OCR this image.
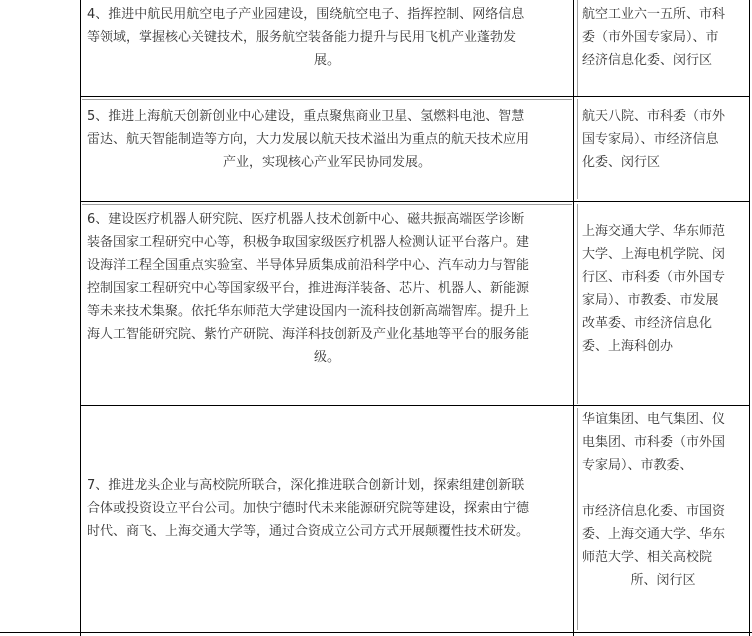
4、推进中航民用航空电子产业园建设，围绕航空电子、指挥控制、网络信息

等领域，掌握核心关键技术，服务航空装备能力提升与民用飞机产业蓬勃发

展。

航空工业六一五所、市科

委（市外国专家局）、市

经济信息化委、闵行区

5、推进上海航天创新创业中心建设，重点聚焦商业卫星、氢燃料电池、智慧

雷达、航天智能制造等方向，大力发展以航天技术溢出为重点的航天技术应用

产业，实现核心产业军民协同发展。

航天八院、市科委（市外

国专家局）、市经济信息

化委、闵行区

6、建设医疗机器人研究院、医疗机器人技术创新中心、磁共振高端医学诊断

装备国家工程研究中心等，积极争取国家级医疗机器人检测认证平台落户。建

设海洋工程全国重点实验室、半导体异质集成前沿科学中心、汽车动力与智能

控制国家工程研究中心等国家级平台，推进海洋装备、芯片、机器人、新能源

等未来技术集聚。依托华东师范大学建设国内一流科技创新高端智库。提升上

海人工智能研究院、紫竹产研院、海洋科技创新及产业化基地等平台的服务能

级。

上海交通大学、华东师范

大学、上海电机学院、闵

行区、市科委（市外国专

家局）、市教委、市发展

改革委、市经济信息化

委、上海科创办

7、推进龙头企业与高校院所联合，深化推进联合创新计划，探索组建创新联

合体或投资设立平台公司。加快宁德时代未来能源研究院等建设，探索由宁德

时代、商飞、上海交通大学等，通过合资成立公司方式开展颠覆性技术研发。

华谊集团、电气集团、仪

电集团、市科委（市外国

专家局）、市教委、

市经济信息化委、市国资

委、上海交通大学、华东

师范大学、相关高校院

所、闵行区
